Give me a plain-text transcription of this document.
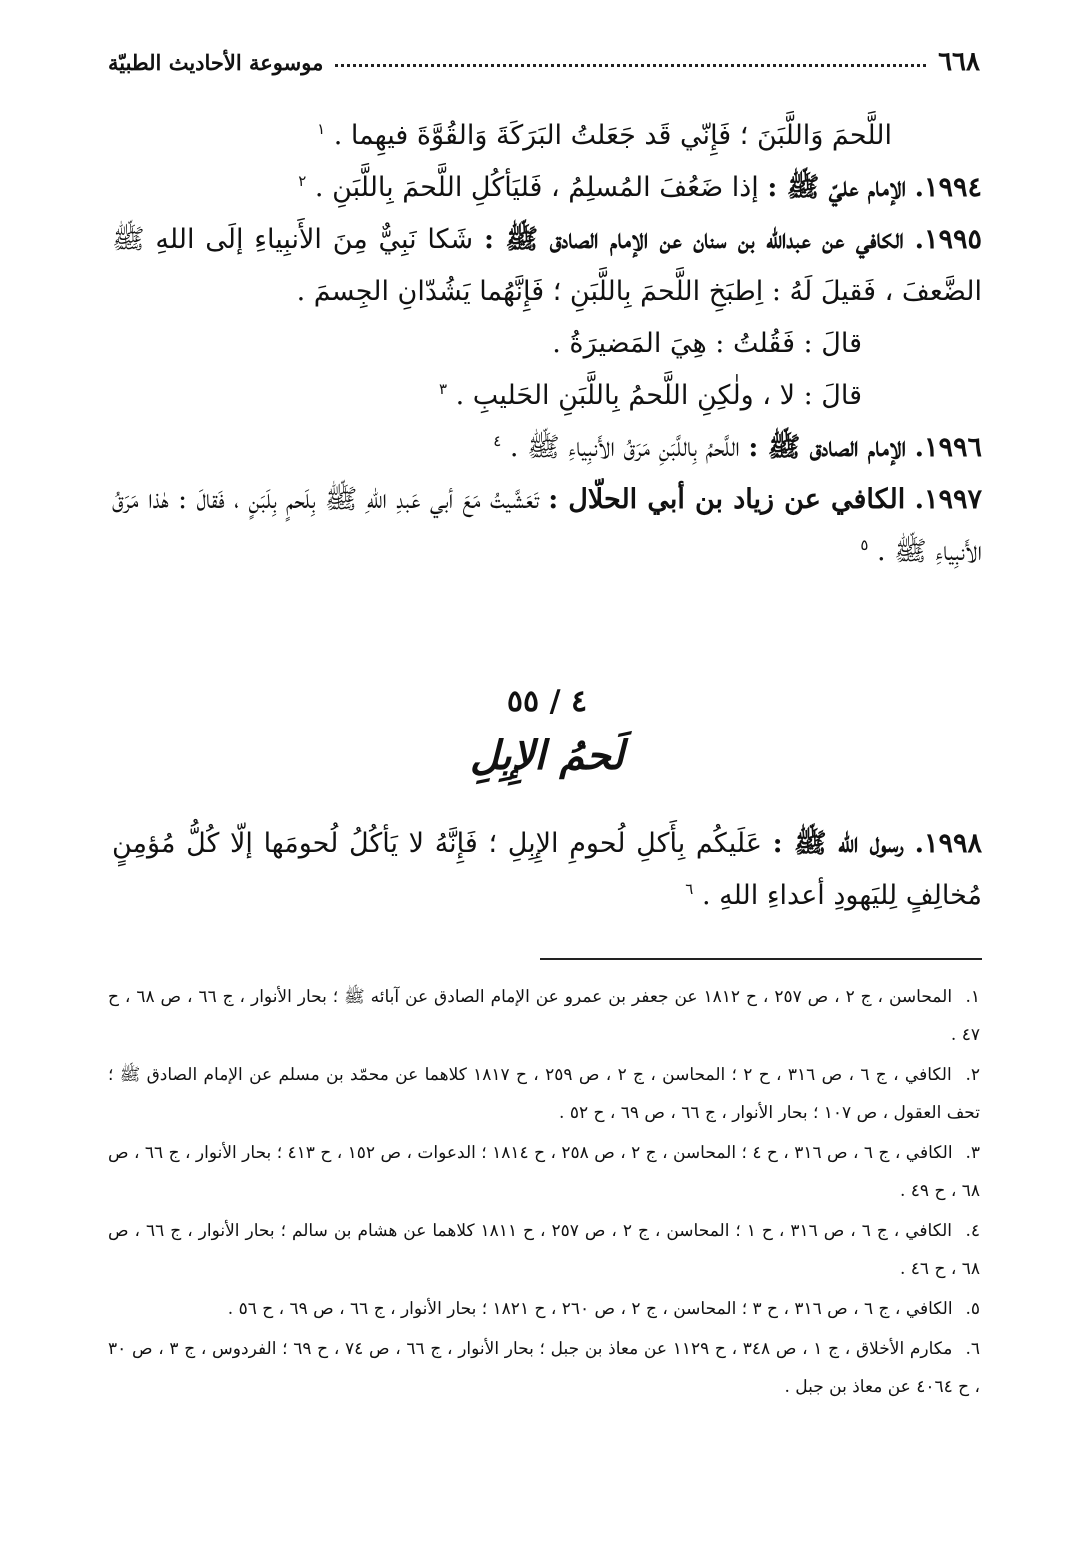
٦٦٨
موسوعة الأحاديث الطبيّة

اللَّحمَ وَاللَّبَنَ ؛ فَإِنّي قَد جَعَلتُ البَرَكَةَ وَالقُوَّةَ فيهِما . $^١$

١٩٩٤. الإمام عليّ ﷺ : إذا ضَعُفَ المُسلِمُ ، فَليَأكُلِ اللَّحمَ بِاللَّبَنِ . $^٢$

١٩٩٥. الكافي عن عبدالله بن سنان عن الإمام الصادق ﷺ : شَكا نَبِيٌّ مِنَ الأَنبِياءِ إلَى اللهِ ﷺ الضَّعفَ ، فَقيلَ لَهُ : اِطبَخِ اللَّحمَ بِاللَّبَنِ ؛ فَإِنَّهُما يَشُدّانِ الجِسمَ .

قالَ : فَقُلتُ : هِيَ المَضيرَةُ .

قالَ : لا ، ولٰكِنِ اللَّحمُ بِاللَّبَنِ الحَليبِ . $^٣$

١٩٩٦. الإمام الصادق ﷺ : اللَّحمُ بِاللَّبَنِ مَرَقُ الأَنبِياءِ ﷺ . $^٤$

١٩٩٧. الكافي عن زياد بن أبي الحلّال : تَعَشَّيتُ مَعَ أبي عَبدِ اللهِ ﷺ بِلَحمٍ بِلَبَنٍ ، فَقالَ : هٰذا مَرَقُ الأَنبِياءِ ﷺ . $^٥$

٤ / ٥٥
لَحمُ الإِبِلِ

١٩٩٨. رسول الله ﷺ : عَلَيكُم بِأَكلِ لُحومِ الإِبِلِ ؛ فَإِنَّهُ لا يَأكُلُ لُحومَها إلّا كُلُّ مُؤمِنٍ مُخالِفٍ لِليَهودِ أعداءِ اللهِ . $^٦$

١. المحاسن ، ج ٢ ، ص ٢٥٧ ، ح ١٨١٢ عن جعفر بن عمرو عن الإمام الصادق عن آبائه ﷺ ؛ بحار الأنوار ، ج ٦٦ ، ص ٦٨ ، ح ٤٧ .

٢. الكافي ، ج ٦ ، ص ٣١٦ ، ح ٢ ؛ المحاسن ، ج ٢ ، ص ٢٥٩ ، ح ١٨١٧ كلاهما عن محمّد بن مسلم عن الإمام الصادق ﷺ ؛ تحف العقول ، ص ١٠٧ ؛ بحار الأنوار ، ج ٦٦ ، ص ٦٩ ، ح ٥٢ .

٣. الكافي ، ج ٦ ، ص ٣١٦ ، ح ٤ ؛ المحاسن ، ج ٢ ، ص ٢٥٨ ، ح ١٨١٤ ؛ الدعوات ، ص ١٥٢ ، ح ٤١٣ ؛ بحار الأنوار ، ج ٦٦ ، ص ٦٨ ، ح ٤٩ .

٤. الكافي ، ج ٦ ، ص ٣١٦ ، ح ١ ؛ المحاسن ، ج ٢ ، ص ٢٥٧ ، ح ١٨١١ كلاهما عن هشام بن سالم ؛ بحار الأنوار ، ج ٦٦ ، ص ٦٨ ، ح ٤٦ .

٥. الكافي ، ج ٦ ، ص ٣١٦ ، ح ٣ ؛ المحاسن ، ج ٢ ، ص ٢٦٠ ، ح ١٨٢١ ؛ بحار الأنوار ، ج ٦٦ ، ص ٦٩ ، ح ٥٦ .

٦. مكارم الأخلاق ، ج ١ ، ص ٣٤٨ ، ح ١١٢٩ عن معاذ بن جبل ؛ بحار الأنوار ، ج ٦٦ ، ص ٧٤ ، ح ٦٩ ؛ الفردوس ، ج ٣ ، ص ٣٠ ، ح ٤٠٦٤ عن معاذ بن جبل .
